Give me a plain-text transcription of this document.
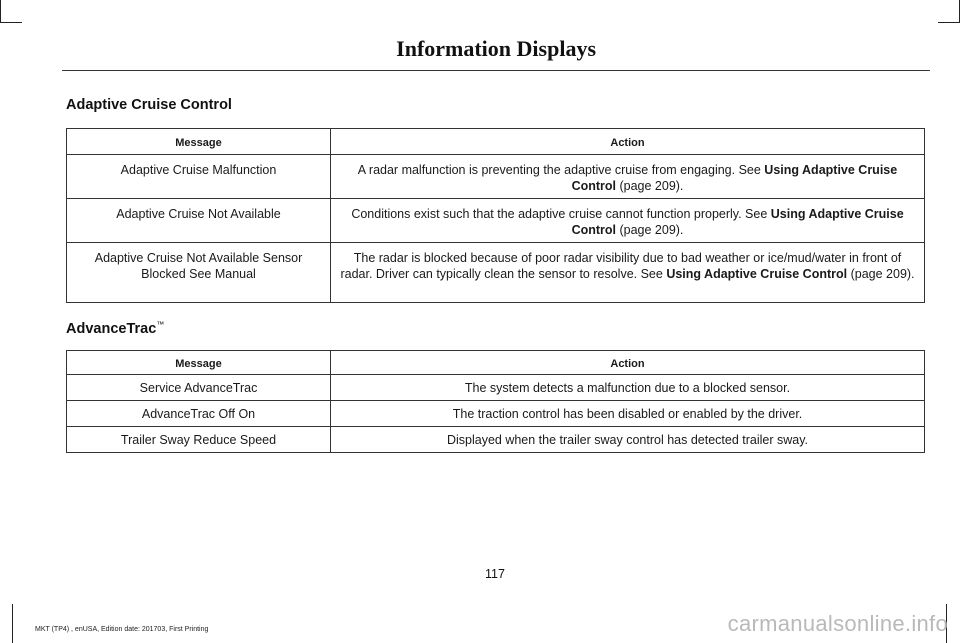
Information Displays
Adaptive Cruise Control
Message	Action
Adaptive Cruise Malfunction	A radar malfunction is preventing the adaptive cruise from engaging. See Using Adaptive Cruise Control (page 209).
Adaptive Cruise Not Available	Conditions exist such that the adaptive cruise cannot function properly. See Using Adaptive Cruise Control (page 209).
Adaptive Cruise Not Available Sensor Blocked See Manual	The radar is blocked because of poor radar visibility due to bad weather or ice/mud/water in front of radar. Driver can typically clean the sensor to resolve. See Using Adaptive Cruise Control (page 209).
AdvanceTrac™
Message	Action
Service AdvanceTrac	The system detects a malfunction due to a blocked sensor.
AdvanceTrac Off On	The traction control has been disabled or enabled by the driver.
Trailer Sway Reduce Speed	Displayed when the trailer sway control has detected trailer sway.
117
MKT (TP4) , enUSA, Edition date: 201703, First Printing	carmanualsonline.info
